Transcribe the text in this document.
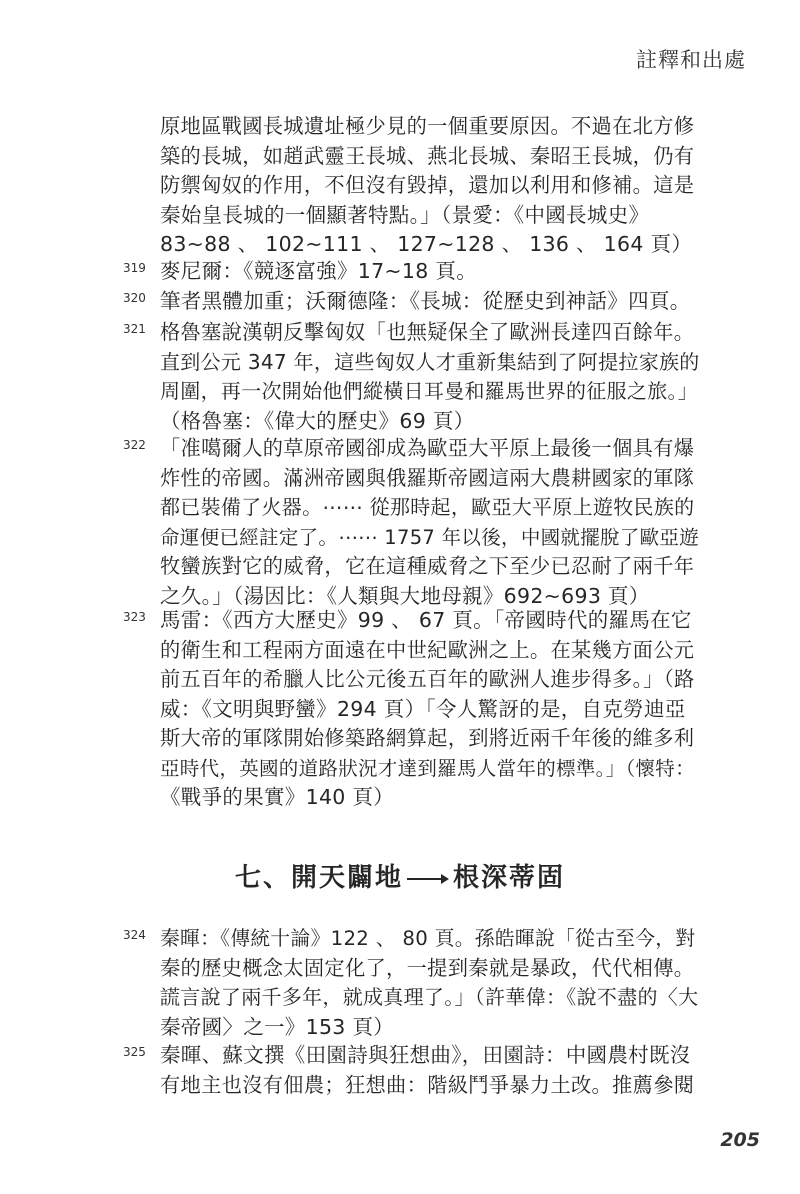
註釋和出處
原地區戰國長城遺址極少見的一個重要原因。不過在北方修
築的長城，如趙武靈王長城、燕北長城、秦昭王長城，仍有
防禦匈奴的作用，不但沒有毀掉，還加以利用和修補。這是
秦始皇長城的一個顯著特點。」（景愛：《中國長城史》
83~88 、 102~111 、 127~128 、 136 、 164 頁）
319 麥尼爾：《競逐富強》17~18 頁。
320 筆者黑體加重；沃爾德隆：《長城：從歷史到神話》四頁。
321 格魯塞說漢朝反擊匈奴「也無疑保全了歐洲長達四百餘年。
直到公元 347 年，這些匈奴人才重新集結到了阿提拉家族的
周圍，再一次開始他們縱橫日耳曼和羅馬世界的征服之旅。」
（格魯塞：《偉大的歷史》69 頁）
322 「准噶爾人的草原帝國卻成為歐亞大平原上最後一個具有爆
炸性的帝國。滿洲帝國與俄羅斯帝國這兩大農耕國家的軍隊
都已裝備了火器。⋯⋯ 從那時起，歐亞大平原上遊牧民族的
命運便已經註定了。⋯⋯ 1757 年以後，中國就擺脫了歐亞遊
牧蠻族對它的威脅，它在這種威脅之下至少已忍耐了兩千年
之久。」（湯因比：《人類與大地母親》692~693 頁）
323 馬雷：《西方大歷史》99 、 67 頁。「帝國時代的羅馬在它
的衛生和工程兩方面遠在中世紀歐洲之上。在某幾方面公元
前五百年的希臘人比公元後五百年的歐洲人進步得多。」（路
威：《文明與野蠻》294 頁）「令人驚訝的是，自克勞迪亞
斯大帝的軍隊開始修築路網算起，到將近兩千年後的維多利
亞時代，英國的道路狀況才達到羅馬人當年的標準。」（懷特：
《戰爭的果實》140 頁）
324 秦暉：《傳統十論》122 、 80 頁。孫皓暉說「從古至今，對
秦的歷史概念太固定化了，一提到秦就是暴政，代代相傳。
謊言說了兩千多年，就成真理了。」（許華偉：《說不盡的〈大
秦帝國〉之一》153 頁）
325 秦暉、蘇文撰《田園詩與狂想曲》，田園詩：中國農村既沒
有地主也沒有佃農；狂想曲：階級鬥爭暴力土改。推薦參閱
七、開天闢地 根深蒂固
205
